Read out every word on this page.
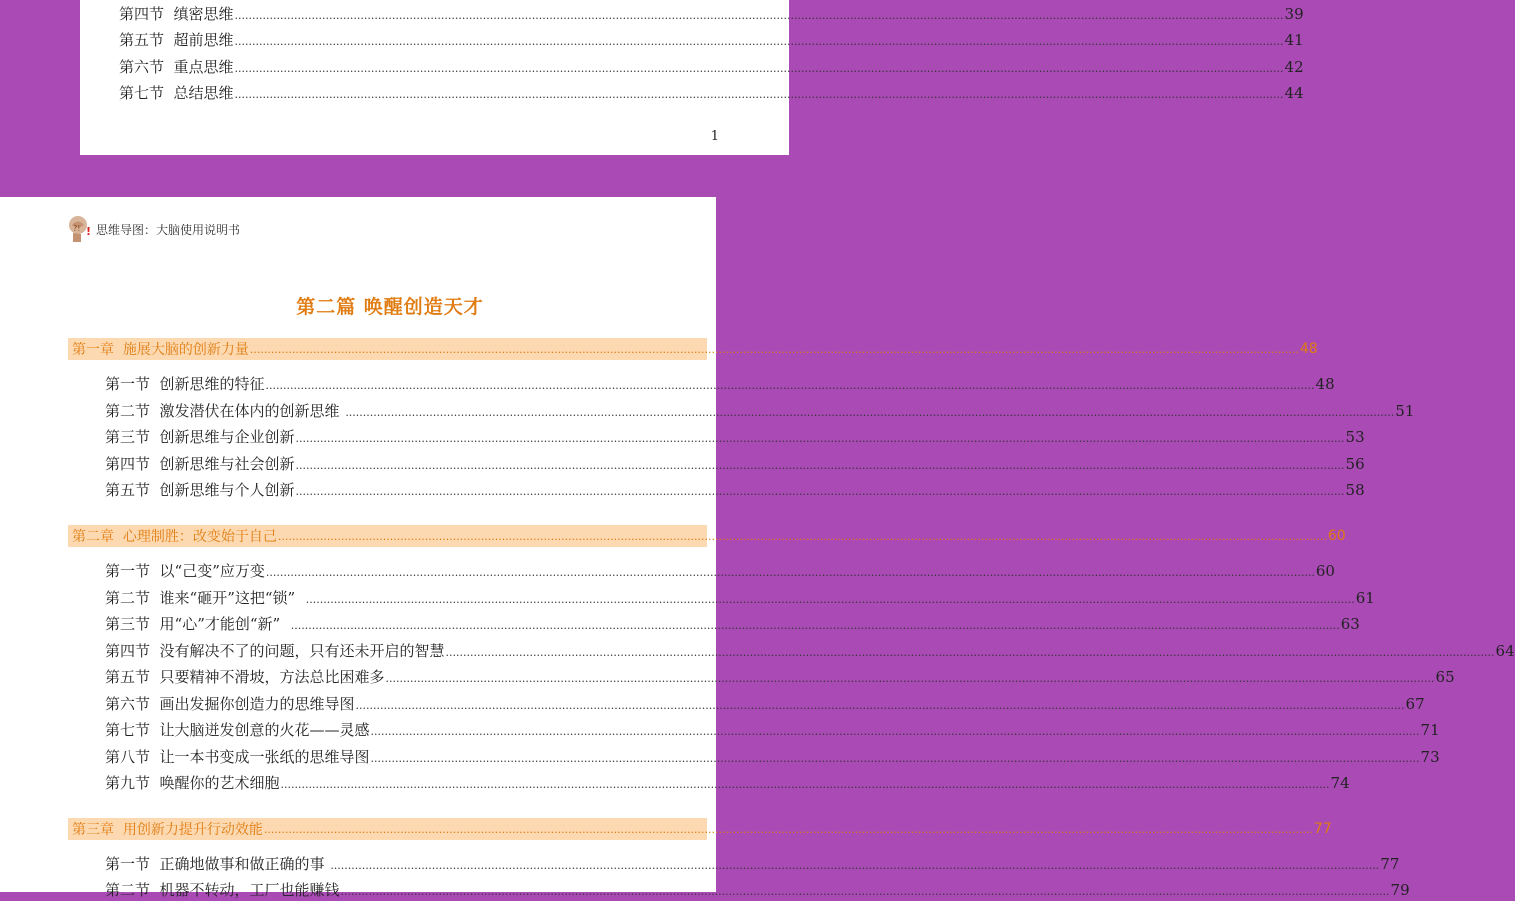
第四节  缜密思维 ............................................................................................................................................................................................................................................................................................................ 39
第五节  超前思维 ............................................................................................................................................................................................................................................................................................................ 41
第六节  重点思维 ............................................................................................................................................................................................................................................................................................................ 42
第七节  总结思维 ............................................................................................................................................................................................................................................................................................................ 44
1
?! ! 思维导图：大脑使用说明书
第二篇 唤醒创造天才
第一章  施展大脑的创新力量 ............................................................................................................................................................................................................................................................................................................ 48
第一节  创新思维的特征 ............................................................................................................................................................................................................................................................................................................ 48
第二节  激发潜伏在体内的创新思维 ............................................................................................................................................................................................................................................................................................................ 51
第三节  创新思维与企业创新 ............................................................................................................................................................................................................................................................................................................ 53
第四节  创新思维与社会创新 ............................................................................................................................................................................................................................................................................................................ 56
第五节  创新思维与个人创新 ............................................................................................................................................................................................................................................................................................................ 58
第二章  心理制胜：改变始于自己 ............................................................................................................................................................................................................................................................................................................ 60
第一节  以“己变”应万变 ............................................................................................................................................................................................................................................................................................................ 60
第二节  谁来“砸开”这把“锁” ............................................................................................................................................................................................................................................................................................................ 61
第三节  用“心”才能创“新” ............................................................................................................................................................................................................................................................................................................ 63
第四节  没有解决不了的问题，只有还未开启的智慧 ............................................................................................................................................................................................................................................................................................................ 64
第五节  只要精神不滑坡，方法总比困难多 ............................................................................................................................................................................................................................................................................................................ 65
第六节  画出发掘你创造力的思维导图 ............................................................................................................................................................................................................................................................................................................ 67
第七节  让大脑迸发创意的火花——灵感 ............................................................................................................................................................................................................................................................................................................ 71
第八节  让一本书变成一张纸的思维导图 ............................................................................................................................................................................................................................................................................................................ 73
第九节  唤醒你的艺术细胞 ............................................................................................................................................................................................................................................................................................................ 74
第三章  用创新力提升行动效能 ............................................................................................................................................................................................................................................................................................................ 77
第一节  正确地做事和做正确的事 ............................................................................................................................................................................................................................................................................................................ 77
第二节  机器不转动，工厂也能赚钱 ............................................................................................................................................................................................................................................................................................................ 79
